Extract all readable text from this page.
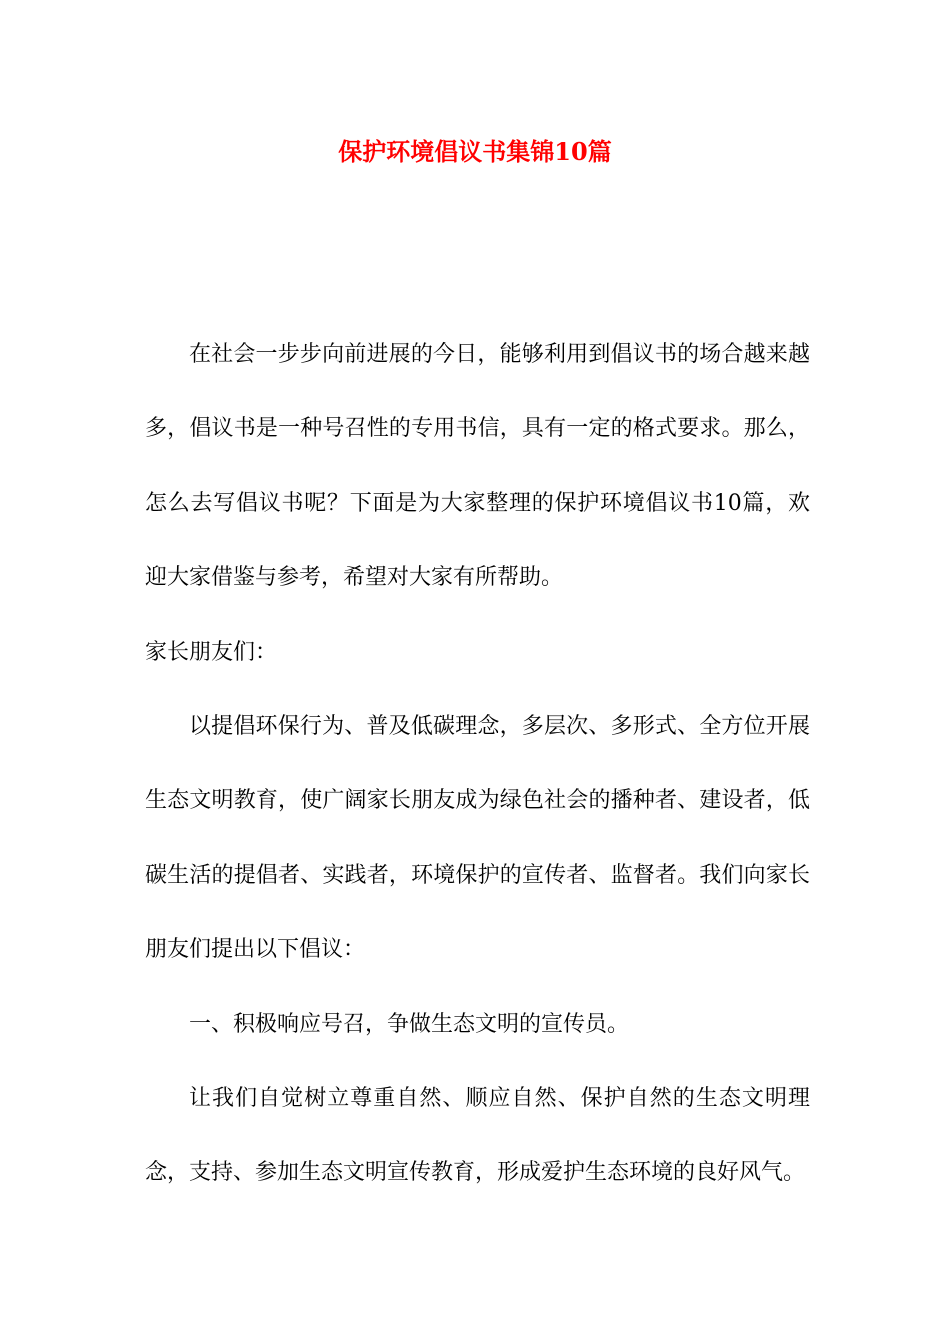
保护环境倡议书集锦10篇

在社会一步步向前进展的今日，能够利用到倡议书的场合越来越多，倡议书是一种号召性的专用书信，具有一定的格式要求。那么，怎么去写倡议书呢？下面是为大家整理的保护环境倡议书10篇，欢迎大家借鉴与参考，希望对大家有所帮助。

家长朋友们：

以提倡环保行为、普及低碳理念，多层次、多形式、全方位开展生态文明教育，使广阔家长朋友成为绿色社会的播种者、建设者，低碳生活的提倡者、实践者，环境保护的宣传者、监督者。我们向家长朋友们提出以下倡议：

一、积极响应号召，争做生态文明的宣传员。

让我们自觉树立尊重自然、顺应自然、保护自然的生态文明理念，支持、参加生态文明宣传教育，形成爱护生态环境的良好风气。
